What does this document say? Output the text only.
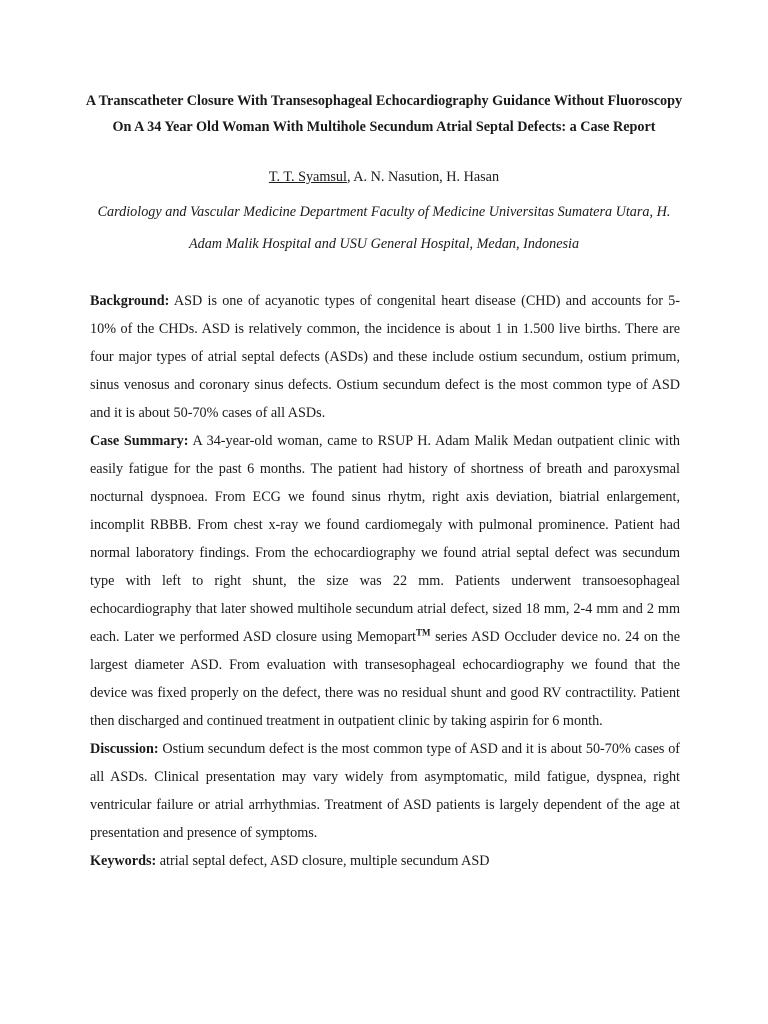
A Transcatheter Closure With Transesophageal Echocardiography Guidance Without Fluoroscopy
On A 34 Year Old Woman With Multihole Secundum Atrial Septal Defects: a Case Report
T. T. Syamsul, A. N. Nasution, H. Hasan
Cardiology and Vascular Medicine Department Faculty of Medicine Universitas Sumatera Utara, H.
Adam Malik Hospital and USU General Hospital, Medan, Indonesia

Background: ASD is one of acyanotic types of congenital heart disease (CHD) and accounts for 5-10% of the CHDs. ASD is relatively common, the incidence is about 1 in 1.500 live births. There are four major types of atrial septal defects (ASDs) and these include ostium secundum, ostium primum, sinus venosus and coronary sinus defects. Ostium secundum defect is the most common type of ASD and it is about 50-70% cases of all ASDs.

Case Summary: A 34-year-old woman, came to RSUP H. Adam Malik Medan outpatient clinic with easily fatigue for the past 6 months. The patient had history of shortness of breath and paroxysmal nocturnal dyspnoea. From ECG we found sinus rhytm, right axis deviation, biatrial enlargement, incomplit RBBB. From chest x-ray we found cardiomegaly with pulmonal prominence. Patient had normal laboratory findings. From the echocardiography we found atrial septal defect was secundum type with left to right shunt, the size was 22 mm. Patients underwent transoesophageal echocardiography that later showed multihole secundum atrial defect, sized 18 mm, 2-4 mm and 2 mm each. Later we performed ASD closure using Memopart™ series ASD Occluder device no. 24 on the largest diameter ASD. From evaluation with transesophageal echocardiography we found that the device was fixed properly on the defect, there was no residual shunt and good RV contractility. Patient then discharged and continued treatment in outpatient clinic by taking aspirin for 6 month.

Discussion: Ostium secundum defect is the most common type of ASD and it is about 50-70% cases of all ASDs. Clinical presentation may vary widely from asymptomatic, mild fatigue, dyspnea, right ventricular failure or atrial arrhythmias. Treatment of ASD patients is largely dependent of the age at presentation and presence of symptoms.

Keywords: atrial septal defect, ASD closure, multiple secundum ASD
